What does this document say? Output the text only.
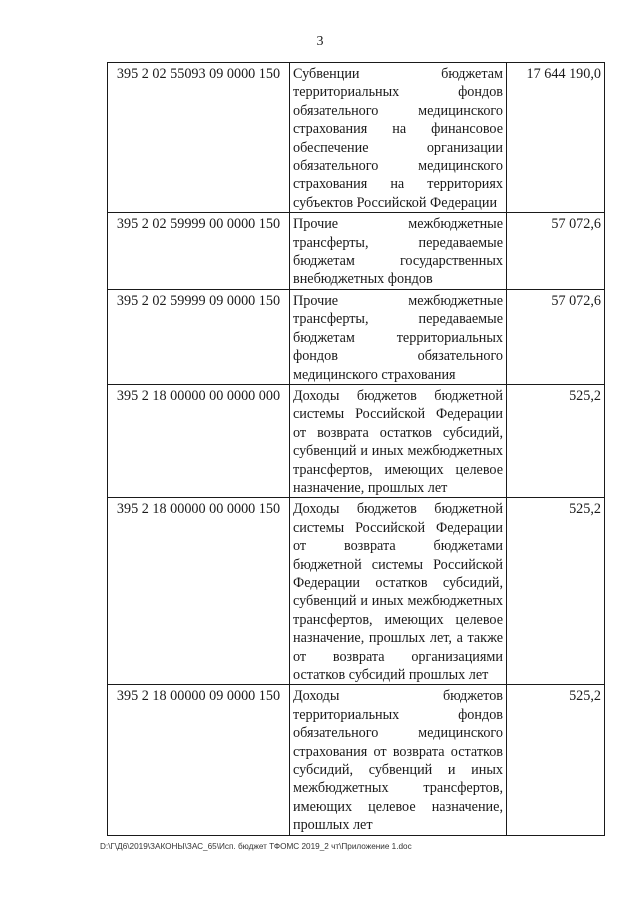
3
395 2 02 55093 09 0000 150	Субвенции бюджетам территориальных фондов обязательного медицинского страхования на финансовое обеспечение организации обязательного медицинского страхования на территориях субъектов Российской Федерации	17 644 190,0
395 2 02 59999 00 0000 150	Прочие межбюджетные трансферты, передаваемые бюджетам государственных внебюджетных фондов	57 072,6
395 2 02 59999 09 0000 150	Прочие межбюджетные трансферты, передаваемые бюджетам территориальных фондов обязательного медицинского страхования	57 072,6
395 2 18 00000 00 0000 000	Доходы бюджетов бюджетной системы Российской Федерации от возврата остатков субсидий, субвенций и иных межбюджетных трансфертов, имеющих целевое назначение, прошлых лет	525,2
395 2 18 00000 00 0000 150	Доходы бюджетов бюджетной системы Российской Федерации от возврата бюджетами бюджетной системы Российской Федерации остатков субсидий, субвенций и иных межбюджетных трансфертов, имеющих целевое назначение, прошлых лет, а также от возврата организациями остатков субсидий прошлых лет	525,2
395 2 18 00000 09 0000 150	Доходы бюджетов территориальных фондов обязательного медицинского страхования от возврата остатков субсидий, субвенций и иных межбюджетных трансфертов, имеющих целевое назначение, прошлых лет	525,2
D:\Г\Д6\2019\ЗАКОНЫ\ЗАС_65\Исп. бюджет ТФОМС 2019_2 чт\Приложение 1.doc
